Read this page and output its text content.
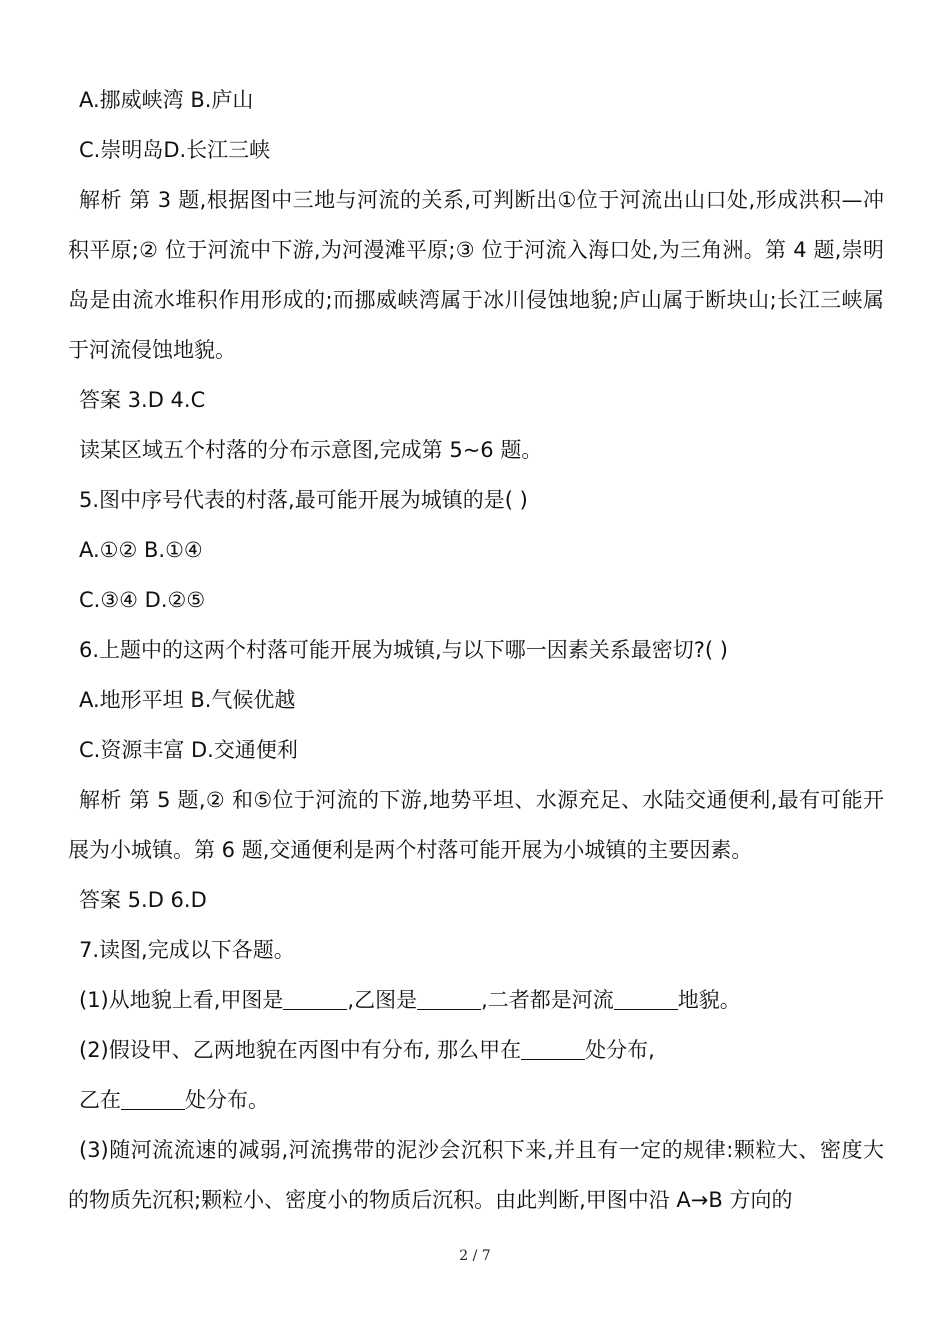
A.挪威峡湾 B.庐山

C.崇明岛D.长江三峡

解析 第 3 题,根据图中三地与河流的关系,可判断出①位于河流出山口处,形成洪积—冲积平原;② 位于河流中下游,为河漫滩平原;③ 位于河流入海口处,为三角洲。第 4 题,崇明岛是由流水堆积作用形成的;而挪威峡湾属于冰川侵蚀地貌;庐山属于断块山;长江三峡属于河流侵蚀地貌。

答案 3.D 4.C

读某区域五个村落的分布示意图,完成第 5~6 题。

5.图中序号代表的村落,最可能开展为城镇的是( )

A.①② B.①④

C.③④ D.②⑤

6.上题中的这两个村落可能开展为城镇,与以下哪一因素关系最密切?( )

A.地形平坦 B.气候优越

C.资源丰富 D.交通便利

解析 第 5 题,② 和⑤位于河流的下游,地势平坦、水源充足、水陆交通便利,最有可能开展为小城镇。第 6 题,交通便利是两个村落可能开展为小城镇的主要因素。

答案 5.D 6.D

7.读图,完成以下各题。

(1)从地貌上看,甲图是	,乙图是	,二者都是河流	地貌。

(2)假设甲、乙两地貌在丙图中有分布, 那么甲在	处分布,

乙在	处分布。

(3)随河流流速的减弱,河流携带的泥沙会沉积下来,并且有一定的规律:颗粒大、密度大的物质先沉积;颗粒小、密度小的物质后沉积。由此判断,甲图中沿 A→B 方向的

2 / 7
